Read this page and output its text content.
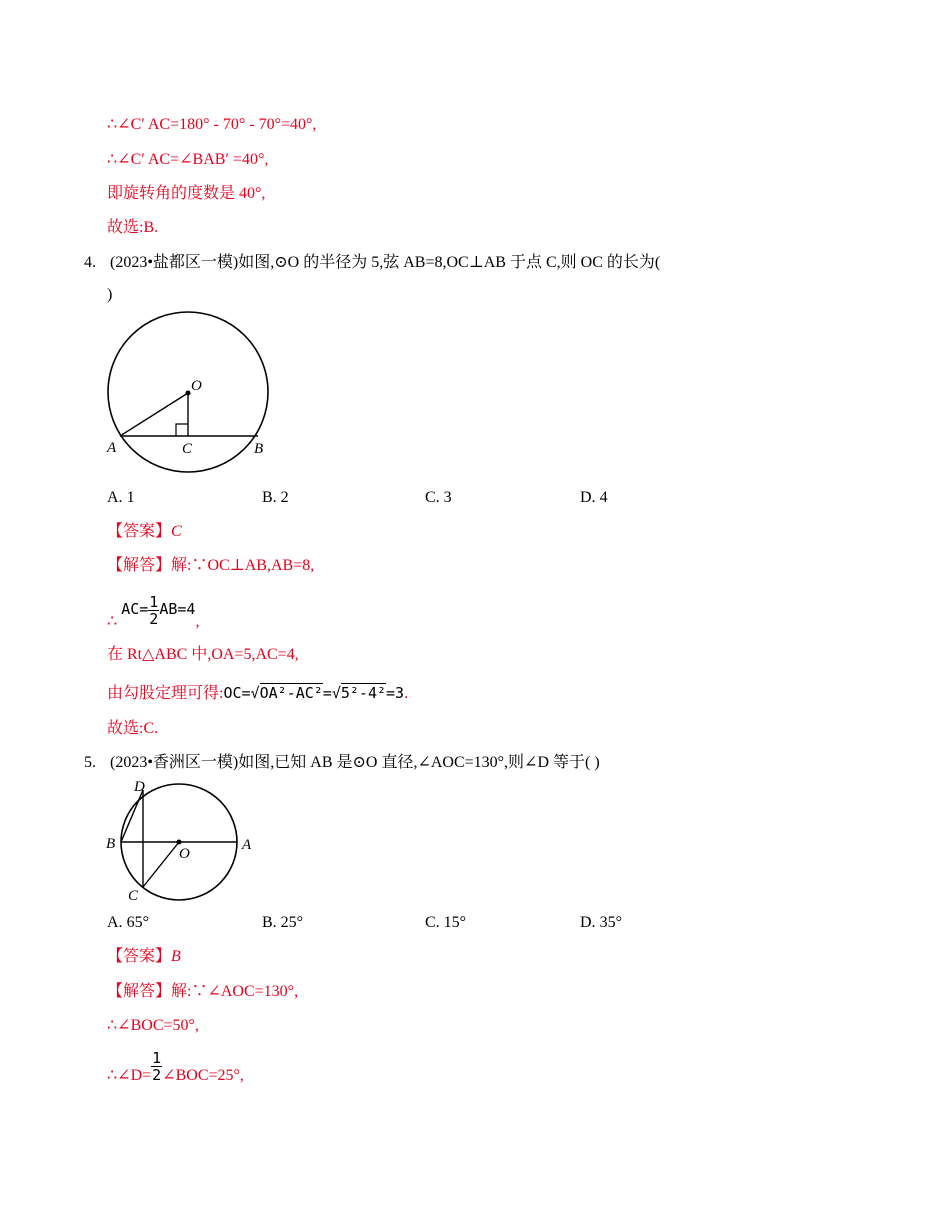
∴∠C′ AC=180° - 70° - 70°=40°,
∴∠C′ AC=∠BAB′ =40°,
即旋转角的度数是 40°,
故选:B.
4. (2023•盐都区一模)如图,⊙O 的半径为 5,弦 AB=8,OC⊥AB 于点 C,则 OC 的长为(
)
O
A	C	B
A. 1	B. 2	C. 3	D. 4
【答案】C
【解答】解:∵OC⊥AB,AB=8,
∴ $AC= \frac{1}{2} AB=4$,
在 Rt△ABC 中,OA=5,AC=4,
由勾股定理可得:OC=√OA²-AC²=√5²-4²=3.
故选:C.
5. (2023•香洲区一模)如图,已知 AB 是⊙O 直径,∠AOC=130°,则∠D 等于( )
D
B
O
A
C
A. 65°	B. 25°	C. 15°	D. 35°
【答案】B
【解答】解:∵∠AOC=130°,
∴∠BOC=50°,
∴∠D= $\frac{1}{2}$ ∠BOC=25°,
